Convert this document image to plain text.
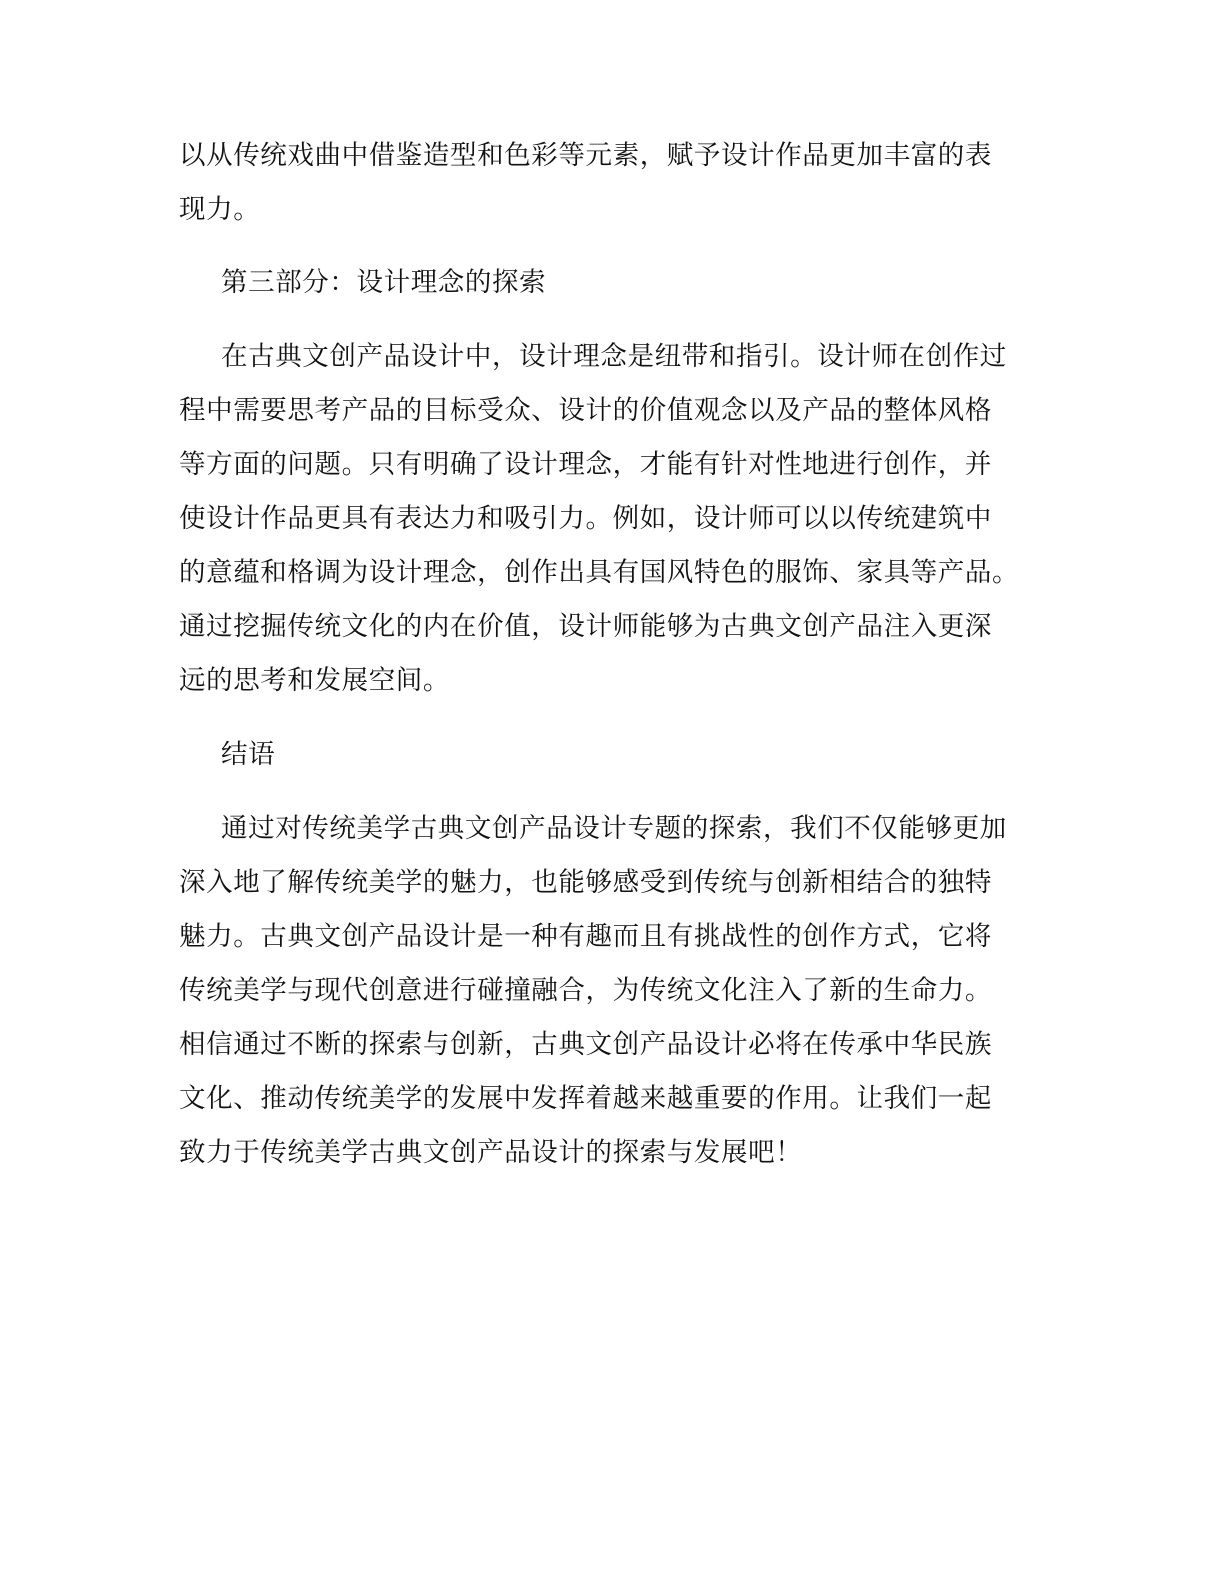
以从传统戏曲中借鉴造型和色彩等元素，赋予设计作品更加丰富的表
现力。
第三部分：设计理念的探索
在古典文创产品设计中，设计理念是纽带和指引。设计师在创作过
程中需要思考产品的目标受众、设计的价值观念以及产品的整体风格
等方面的问题。只有明确了设计理念，才能有针对性地进行创作，并
使设计作品更具有表达力和吸引力。例如，设计师可以以传统建筑中
的意蕴和格调为设计理念，创作出具有国风特色的服饰、家具等产品。
通过挖掘传统文化的内在价值，设计师能够为古典文创产品注入更深
远的思考和发展空间。
结语
通过对传统美学古典文创产品设计专题的探索，我们不仅能够更加
深入地了解传统美学的魅力，也能够感受到传统与创新相结合的独特
魅力。古典文创产品设计是一种有趣而且有挑战性的创作方式，它将
传统美学与现代创意进行碰撞融合，为传统文化注入了新的生命力。
相信通过不断的探索与创新，古典文创产品设计必将在传承中华民族
文化、推动传统美学的发展中发挥着越来越重要的作用。让我们一起
致力于传统美学古典文创产品设计的探索与发展吧！
